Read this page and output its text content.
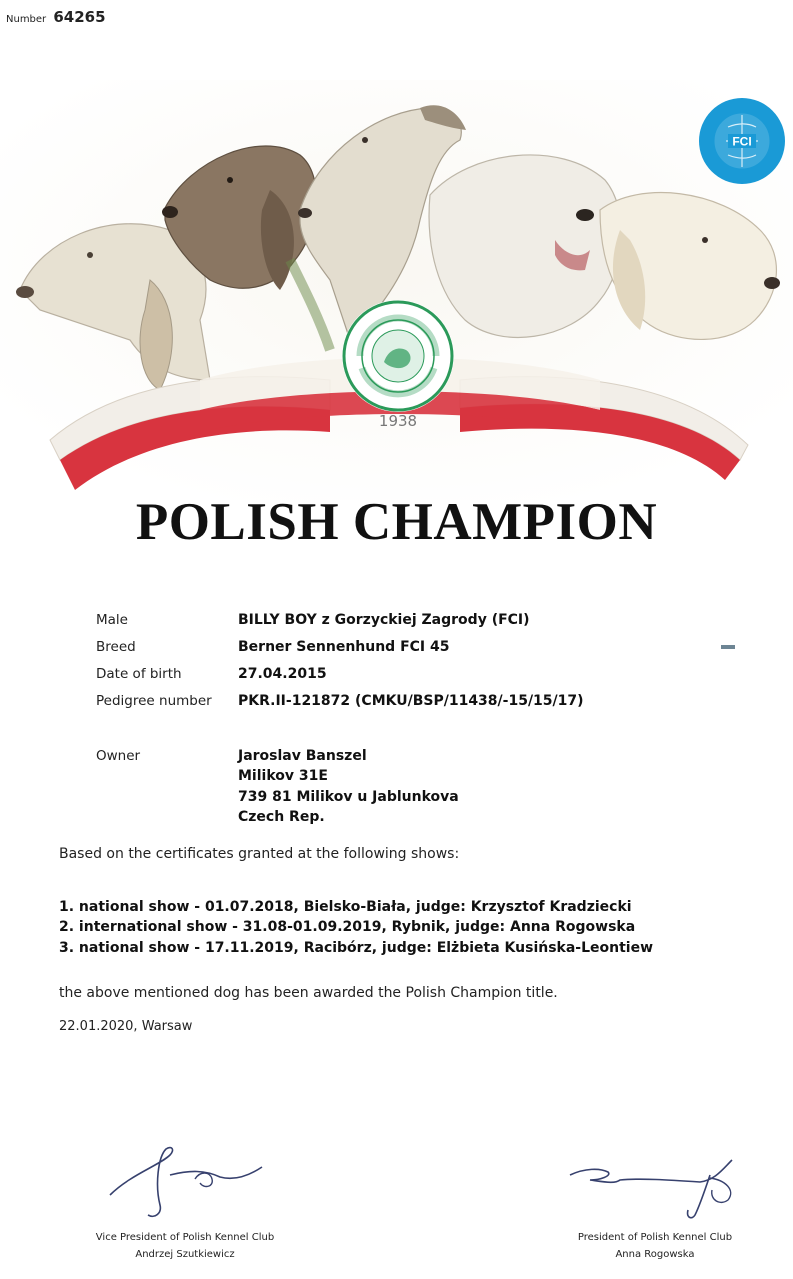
Number 64265
FCI
1938
POLISH CHAMPION
Male	BILLY BOY z Gorzyckiej Zagrody (FCI)
Breed	Berner Sennenhund FCI 45
Date of birth	27.04.2015
Pedigree number PKR.II-121872 (CMKU/BSP/11438/-15/15/17)
Owner	Jaroslav Banszel
Milikov 31E
739 81 Milikov u Jablunkova
Czech Rep.
Based on the certificates granted at the following shows:
1. national show - 01.07.2018, Bielsko-Biała, judge: Krzysztof Kradziecki
2. international show - 31.08-01.09.2019, Rybnik, judge: Anna Rogowska
3. national show - 17.11.2019, Racibórz, judge: Elżbieta Kusińska-Leontiew
the above mentioned dog has been awarded the Polish Champion title.
22.01.2020, Warsaw
Vice President of Polish Kennel Club
Andrzej Szutkiewicz
President of Polish Kennel Club
Anna Rogowska
